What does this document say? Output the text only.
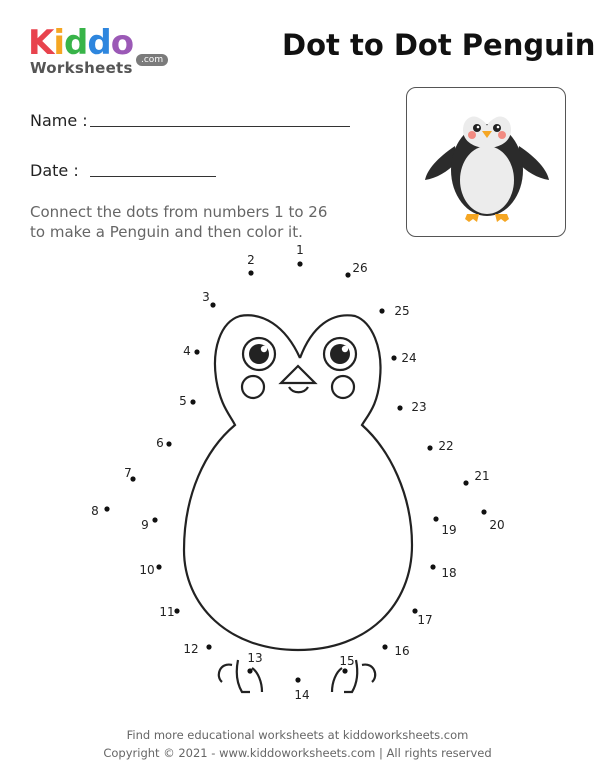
Kiddo
Worksheets .com	Dot to Dot Penguin
Name :
Date :
Connect the dots from numbers 1 to 26
to make a Penguin and then color it.
1
2
3
4
5
6
7
8
9
10
11
12
13
14
15
16
17
18
19	20
21
22
23
24
25
26
Find more educational worksheets at kiddoworksheets.com
Copyright © 2021 - www.kiddoworksheets.com | All rights reserved
